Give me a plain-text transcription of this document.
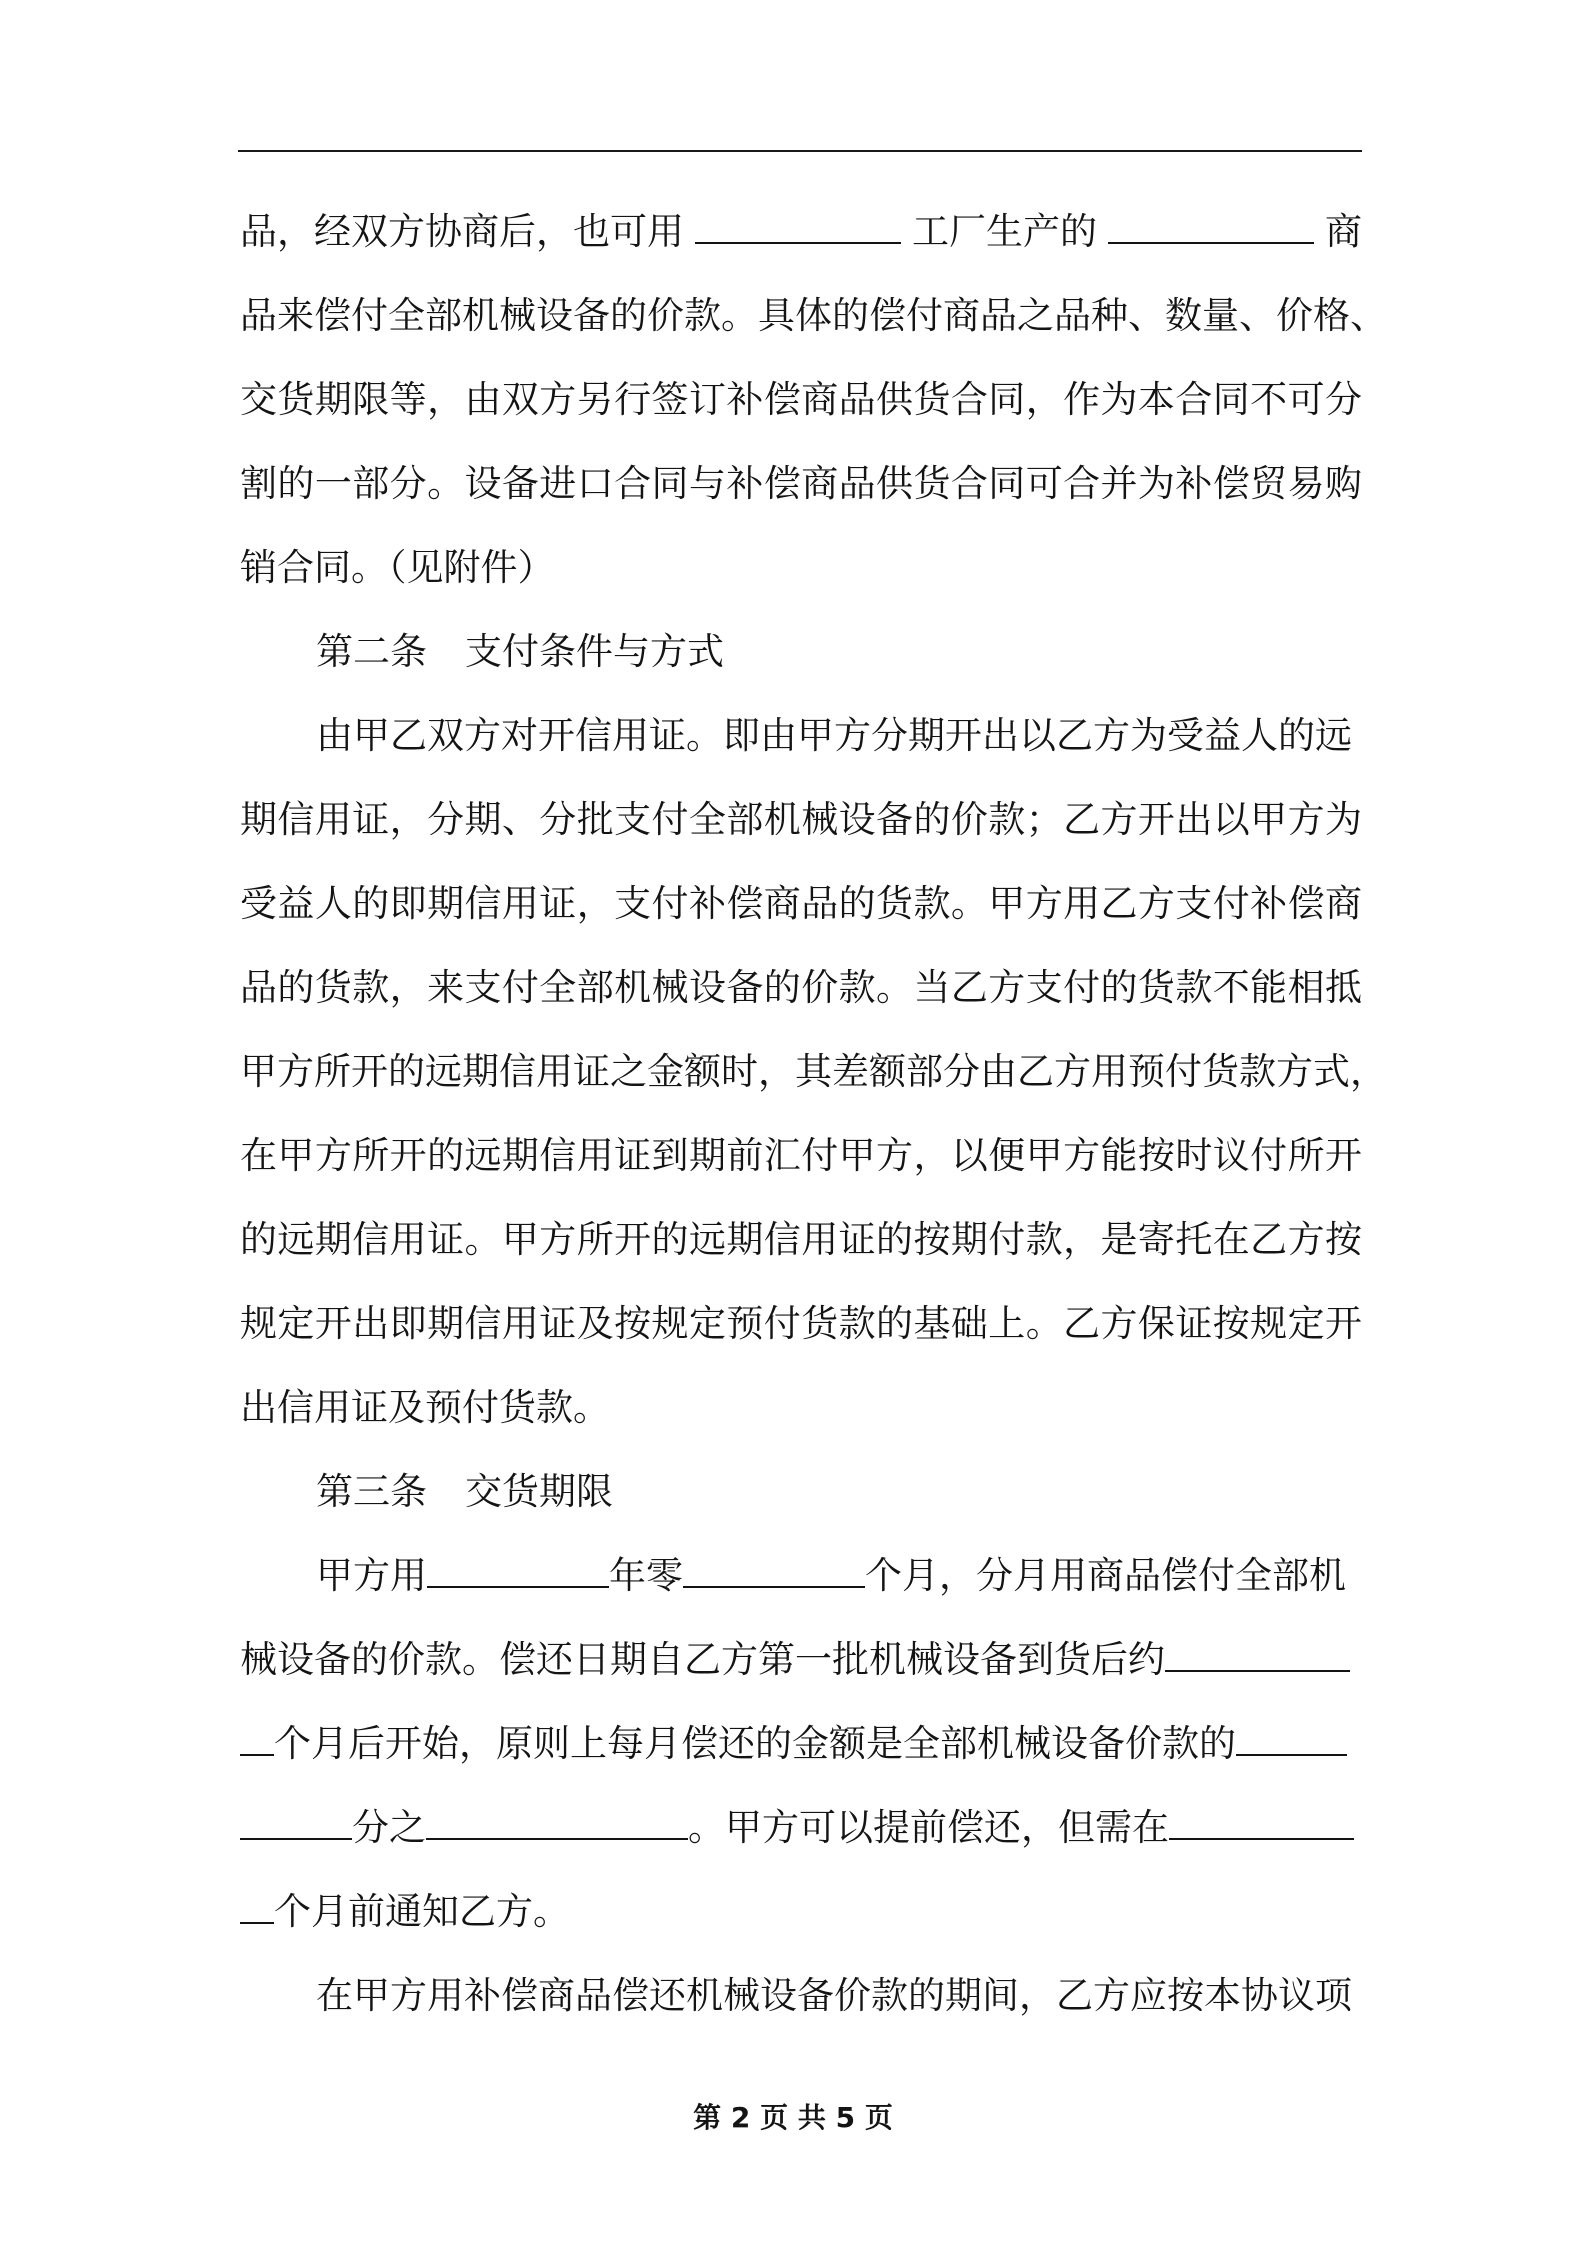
品，经双方协商后，也可用	工厂生产的	商
品来偿付全部机械设备的价款。具体的偿付商品之品种、数量、价格、
交货期限等，由双方另行签订补偿商品供货合同，作为本合同不可分
割的一部分。设备进口合同与补偿商品供货合同可合并为补偿贸易购
销合同。（见附件）
第二条 支付条件与方式
由甲乙双方对开信用证。即由甲方分期开出以乙方为受益人的远
期信用证，分期、分批支付全部机械设备的价款；乙方开出以甲方为
受益人的即期信用证，支付补偿商品的货款。甲方用乙方支付补偿商
品的货款，来支付全部机械设备的价款。当乙方支付的货款不能相抵
甲方所开的远期信用证之金额时，其差额部分由乙方用预付货款方式，
在甲方所开的远期信用证到期前汇付甲方，以便甲方能按时议付所开
的远期信用证。甲方所开的远期信用证的按期付款，是寄托在乙方按
规定开出即期信用证及按规定预付货款的基础上。乙方保证按规定开
出信用证及预付货款。
第三条 交货期限
甲方用	年零	个月，分月用商品偿付全部机
械设备的价款。偿还日期自乙方第一批机械设备到货后约
个月后开始，原则上每月偿还的金额是全部机械设备价款的
分之	。甲方可以提前偿还，但需在
个月前通知乙方。
在甲方用补偿商品偿还机械设备价款的期间，乙方应按本协议项
第 2 页 共 5 页
